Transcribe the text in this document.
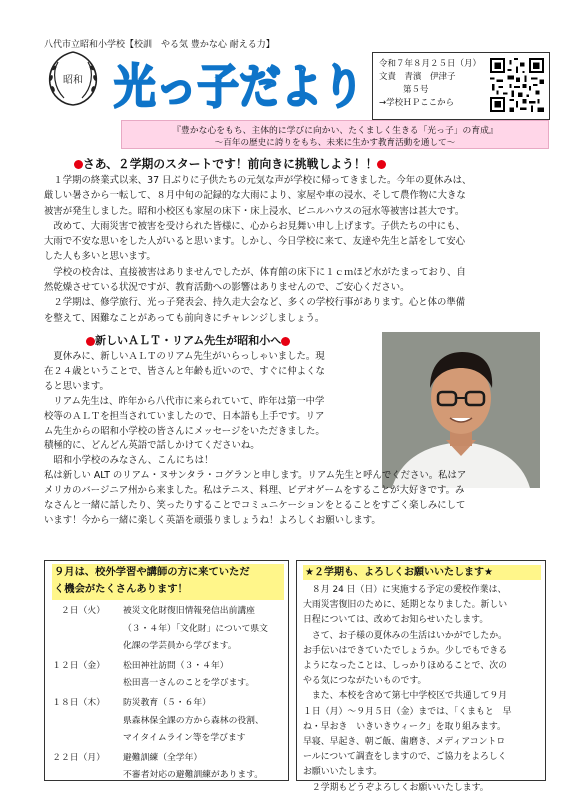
八代市立昭和小学校【校訓　やる気 豊かな心 耐える力】
昭和 光っ子だより 令和７年８月２５日（月）
文責　青濱　伊津子
第５号
→学校ＨＰここから
『豊かな心をもち、主体的に学びに向かい、たくましく生きる「光っ子」の育成』
～百年の歴史に誇りをもち、未来に生かす教育活動を通して～
さあ、２学期のスタートです！前向きに挑戦しよう！！

１学期の終業式以来、37 日ぶりに子供たちの元気な声が学校に帰ってきました。今年の夏休みは、
厳しい暑さから一転して、８月中旬の記録的な大雨により、家屋や車の浸水、そして農作物に大きな
被害が発生しました。昭和小校区も家屋の床下・床上浸水、ビニルハウスの冠水等被害は甚大です。

改めて、大雨災害で被害を受けられた皆様に、心からお見舞い申し上げます。子供たちの中にも、
大雨で不安な思いをした人がいると思います。しかし、今日学校に来て、友達や先生と話をして安心
した人も多いと思います。

学校の校舎は、直接被害はありませんでしたが、体育館の床下に１ｃｍほど水がたまっており、自
然乾燥させている状況ですが、教育活動への影響はありませんので、ご安心ください。

２学期は、修学旅行、光っ子発表会、持久走大会など、多くの学校行事があります。心と体の準備
を整えて、困難なことがあっても前向きにチャレンジしましょう。

新しいＡＬＴ・リアム先生が昭和小へ

夏休みに、新しいＡＬＴのリアム先生がいらっしゃいました。現
在２４歳ということで、皆さんと年齢も近いので、すぐに仲よくな
ると思います。

リアム先生は、昨年から八代市に来られていて、昨年は第一中学
校等のＡＬＴを担当されていましたので、日本語も上手です。リア
ム先生からの昭和小学校の皆さんにメッセージをいただきました。
積極的に、どんどん英語で話しかけてくださいね。

昭和小学校のみなさん、こんにちは！

私は新しい ALT のリアム・ヌサンタラ・コグランと申します。リアム先生と呼んでください。私はア
メリカのバージニア州から来ました。私はテニス、料理、ビデオゲームをすることが大好きです。み
なさんと一緒に話したり、笑ったりすることでコミュニケーションをとることをすごく楽しみにして
います！今から一緒に楽しく英語を頑張りましょうね！よろしくお願いします。

９月は、校外学習や講師の方に来ていただ
く機会がたくさんあります！
２日（火） 被災文化財復旧情報発信出前講座
（３・４年）「文化財」について県文
化課の学芸員から学びます。
１２日（金） 松田神社訪問（３・４年）
松田喜一さんのことを学びます。
１８日（木） 防災教育（５・６年）
県森林保全課の方から森林の役割、
マイタイムライン等を学びます
２２日（月） 避難訓練（全学年）
不審者対応の避難訓練があります。
★２学期も、よろしくお願いいたします★

８月 24 日（日）に実施する予定の愛校作業は、
大雨災害復旧のために、延期となりました。新しい
日程については、改めてお知らせいたします。

さて、お子様の夏休みの生活はいかがでしたか。
お手伝いはできていたでしょうか。少しでもできる
ようになったことは、しっかりほめることで、次の
やる気につながたいものです。

また、本校を含めて第七中学校区で共通して９月
１日（月）～９月５日（金）までは、「くまもと　早
ね・早おき　いきいきウィーク」を取り組みます。
早寝、早起き、朝ご飯、歯磨き、メディアコントロ
ールについて調査をしますので、ご協力をよろしく
お願いいたします。

２学期もどうぞよろしくお願いいたします。
